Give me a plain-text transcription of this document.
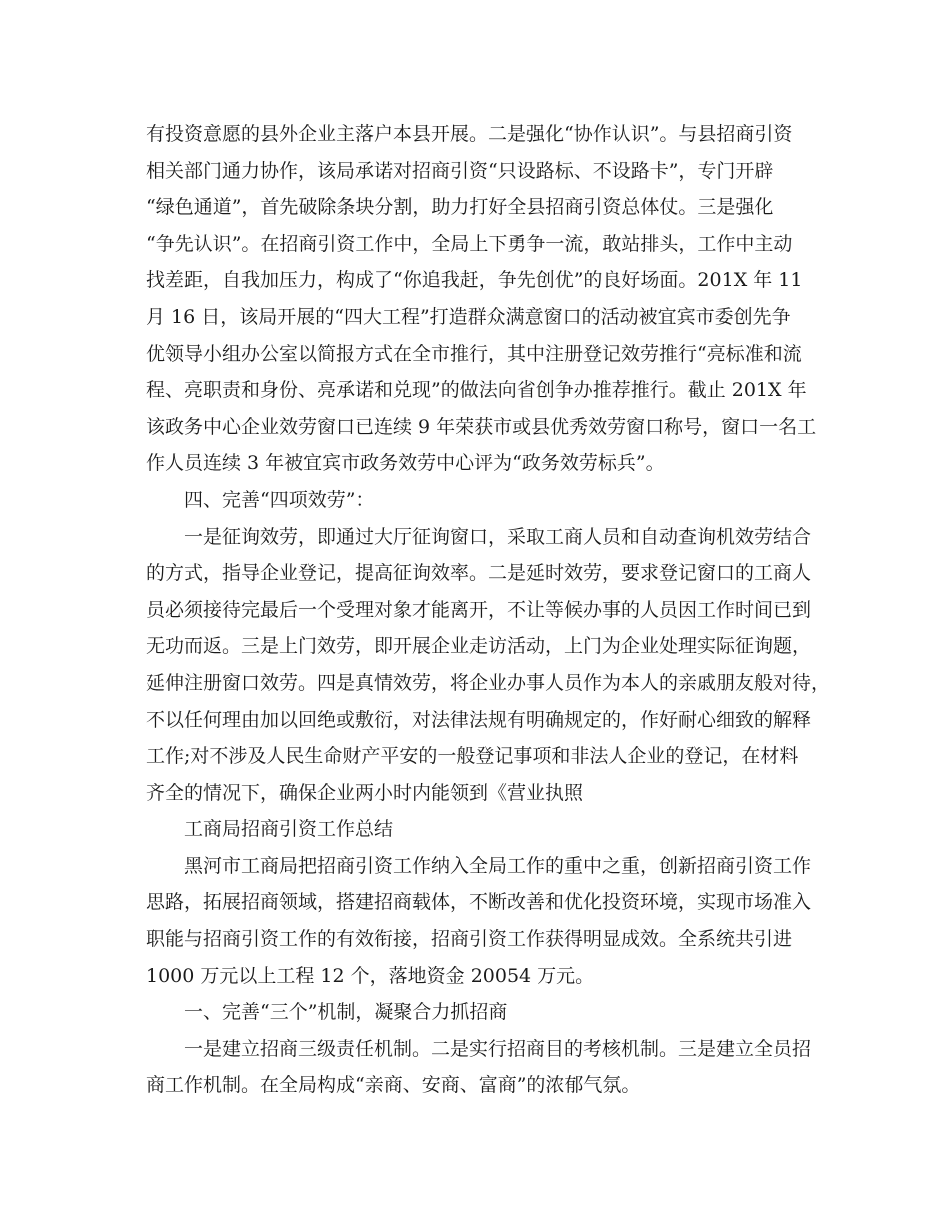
有投资意愿的县外企业主落户本县开展。二是强化“协作认识”。与县招商引资
相关部门通力协作，该局承诺对招商引资“只设路标、不设路卡”，专门开辟
“绿色通道”，首先破除条块分割，助力打好全县招商引资总体仗。三是强化
“争先认识”。在招商引资工作中，全局上下勇争一流，敢站排头，工作中主动
找差距，自我加压力，构成了“你追我赶，争先创优”的良好场面。201X 年 11
月 16 日，该局开展的“四大工程”打造群众满意窗口的活动被宜宾市委创先争
优领导小组办公室以简报方式在全市推行，其中注册登记效劳推行“亮标准和流
程、亮职责和身份、亮承诺和兑现”的做法向省创争办推荐推行。截止 201X 年
该政务中心企业效劳窗口已连续 9 年荣获市或县优秀效劳窗口称号，窗口一名工
作人员连续 3 年被宜宾市政务效劳中心评为“政务效劳标兵”。
四、完善“四项效劳”：
一是征询效劳，即通过大厅征询窗口，采取工商人员和自动查询机效劳结合
的方式，指导企业登记，提高征询效率。二是延时效劳，要求登记窗口的工商人
员必须接待完最后一个受理对象才能离开，不让等候办事的人员因工作时间已到
无功而返。三是上门效劳，即开展企业走访活动，上门为企业处理实际征询题，
延伸注册窗口效劳。四是真情效劳，将企业办事人员作为本人的亲戚朋友般对待，
不以任何理由加以回绝或敷衍，对法律法规有明确规定的，作好耐心细致的解释
工作;对不涉及人民生命财产平安的一般登记事项和非法人企业的登记，在材料
齐全的情况下，确保企业两小时内能领到《营业执照
工商局招商引资工作总结
黑河市工商局把招商引资工作纳入全局工作的重中之重，创新招商引资工作
思路，拓展招商领域，搭建招商载体，不断改善和优化投资环境，实现市场准入
职能与招商引资工作的有效衔接，招商引资工作获得明显成效。全系统共引进
1000 万元以上工程 12 个，落地资金 20054 万元。
一、完善“三个”机制，凝聚合力抓招商
一是建立招商三级责任机制。二是实行招商目的考核机制。三是建立全员招
商工作机制。在全局构成“亲商、安商、富商”的浓郁气氛。
